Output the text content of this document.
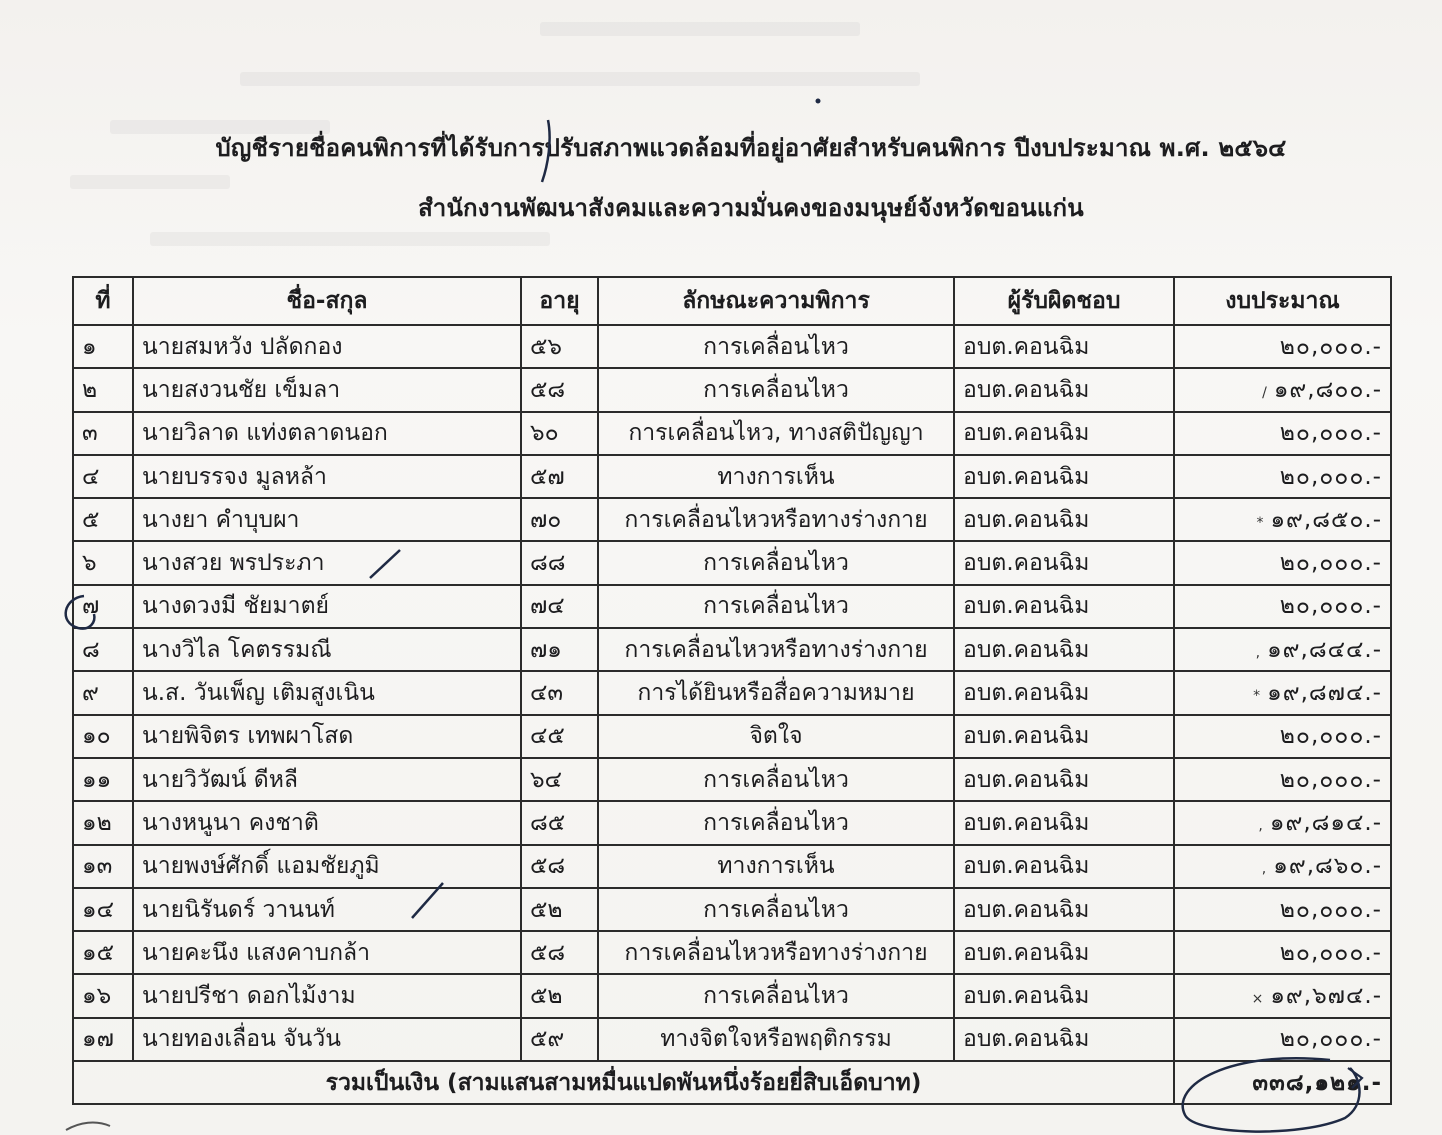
บัญชีรายชื่อคนพิการที่ได้รับการปรับสภาพแวดล้อมที่อยู่อาศัยสำหรับคนพิการ ปีงบประมาณ พ.ศ. ๒๕๖๔
สำนักงานพัฒนาสังคมและความมั่นคงของมนุษย์จังหวัดขอนแก่น
ที่	ชื่อ-สกุล	อายุ	ลักษณะความพิการ	ผู้รับผิดชอบ	งบประมาณ
๑	นายสมหวัง ปลัดกอง	๕๖	การเคลื่อนไหว	อบต.คอนฉิม	๒๐,๐๐๐.-
๒	นายสงวนชัย เข็มลา	๕๘	การเคลื่อนไหว	อบต.คอนฉิม	/ ๑๙,๘๐๐.-
๓	นายวิลาด แท่งตลาดนอก	๖๐	การเคลื่อนไหว, ทางสติปัญญา	อบต.คอนฉิม	๒๐,๐๐๐.-
๔	นายบรรจง มูลหล้า	๕๗	ทางการเห็น	อบต.คอนฉิม	๒๐,๐๐๐.-
๕	นางยา คำบุบผา	๗๐	การเคลื่อนไหวหรือทางร่างกาย	อบต.คอนฉิม	* ๑๙,๘๕๐.-
๖	นางสวย พรประภา	๘๘	การเคลื่อนไหว	อบต.คอนฉิม	๒๐,๐๐๐.-
๗	นางดวงมี ชัยมาตย์	๗๔	การเคลื่อนไหว	อบต.คอนฉิม	๒๐,๐๐๐.-
๘	นางวิไล โคตรรมณี	๗๑	การเคลื่อนไหวหรือทางร่างกาย	อบต.คอนฉิม	, ๑๙,๘๔๔.-
๙	น.ส. วันเพ็ญ เติมสูงเนิน	๔๓	การได้ยินหรือสื่อความหมาย	อบต.คอนฉิม	* ๑๙,๘๗๔.-
๑๐	นายพิจิตร เทพผาโสด	๔๕	จิตใจ	อบต.คอนฉิม	๒๐,๐๐๐.-
๑๑	นายวิวัฒน์ ดีหลี	๖๔	การเคลื่อนไหว	อบต.คอนฉิม	๒๐,๐๐๐.-
๑๒	นางหนูนา คงชาติ	๘๕	การเคลื่อนไหว	อบต.คอนฉิม	, ๑๙,๘๑๔.-
๑๓	นายพงษ์ศักดิ์ แอมชัยภูมิ	๕๘	ทางการเห็น	อบต.คอนฉิม	, ๑๙,๘๖๐.-
๑๔	นายนิรันดร์ วานนท์	๕๒	การเคลื่อนไหว	อบต.คอนฉิม	๒๐,๐๐๐.-
๑๕	นายคะนึง แสงคาบกล้า	๕๘	การเคลื่อนไหวหรือทางร่างกาย	อบต.คอนฉิม	๒๐,๐๐๐.-
๑๖	นายปรีชา ดอกไม้งาม	๕๒	การเคลื่อนไหว	อบต.คอนฉิม	× ๑๙,๖๗๔.-
๑๗	นายทองเลื่อน จันวัน	๕๙	ทางจิตใจหรือพฤติกรรม	อบต.คอนฉิม	๒๐,๐๐๐.-
รวมเป็นเงิน (สามแสนสามหมื่นแปดพันหนึ่งร้อยยี่สิบเอ็ดบาท)					๓๓๘,๑๒๑.-
